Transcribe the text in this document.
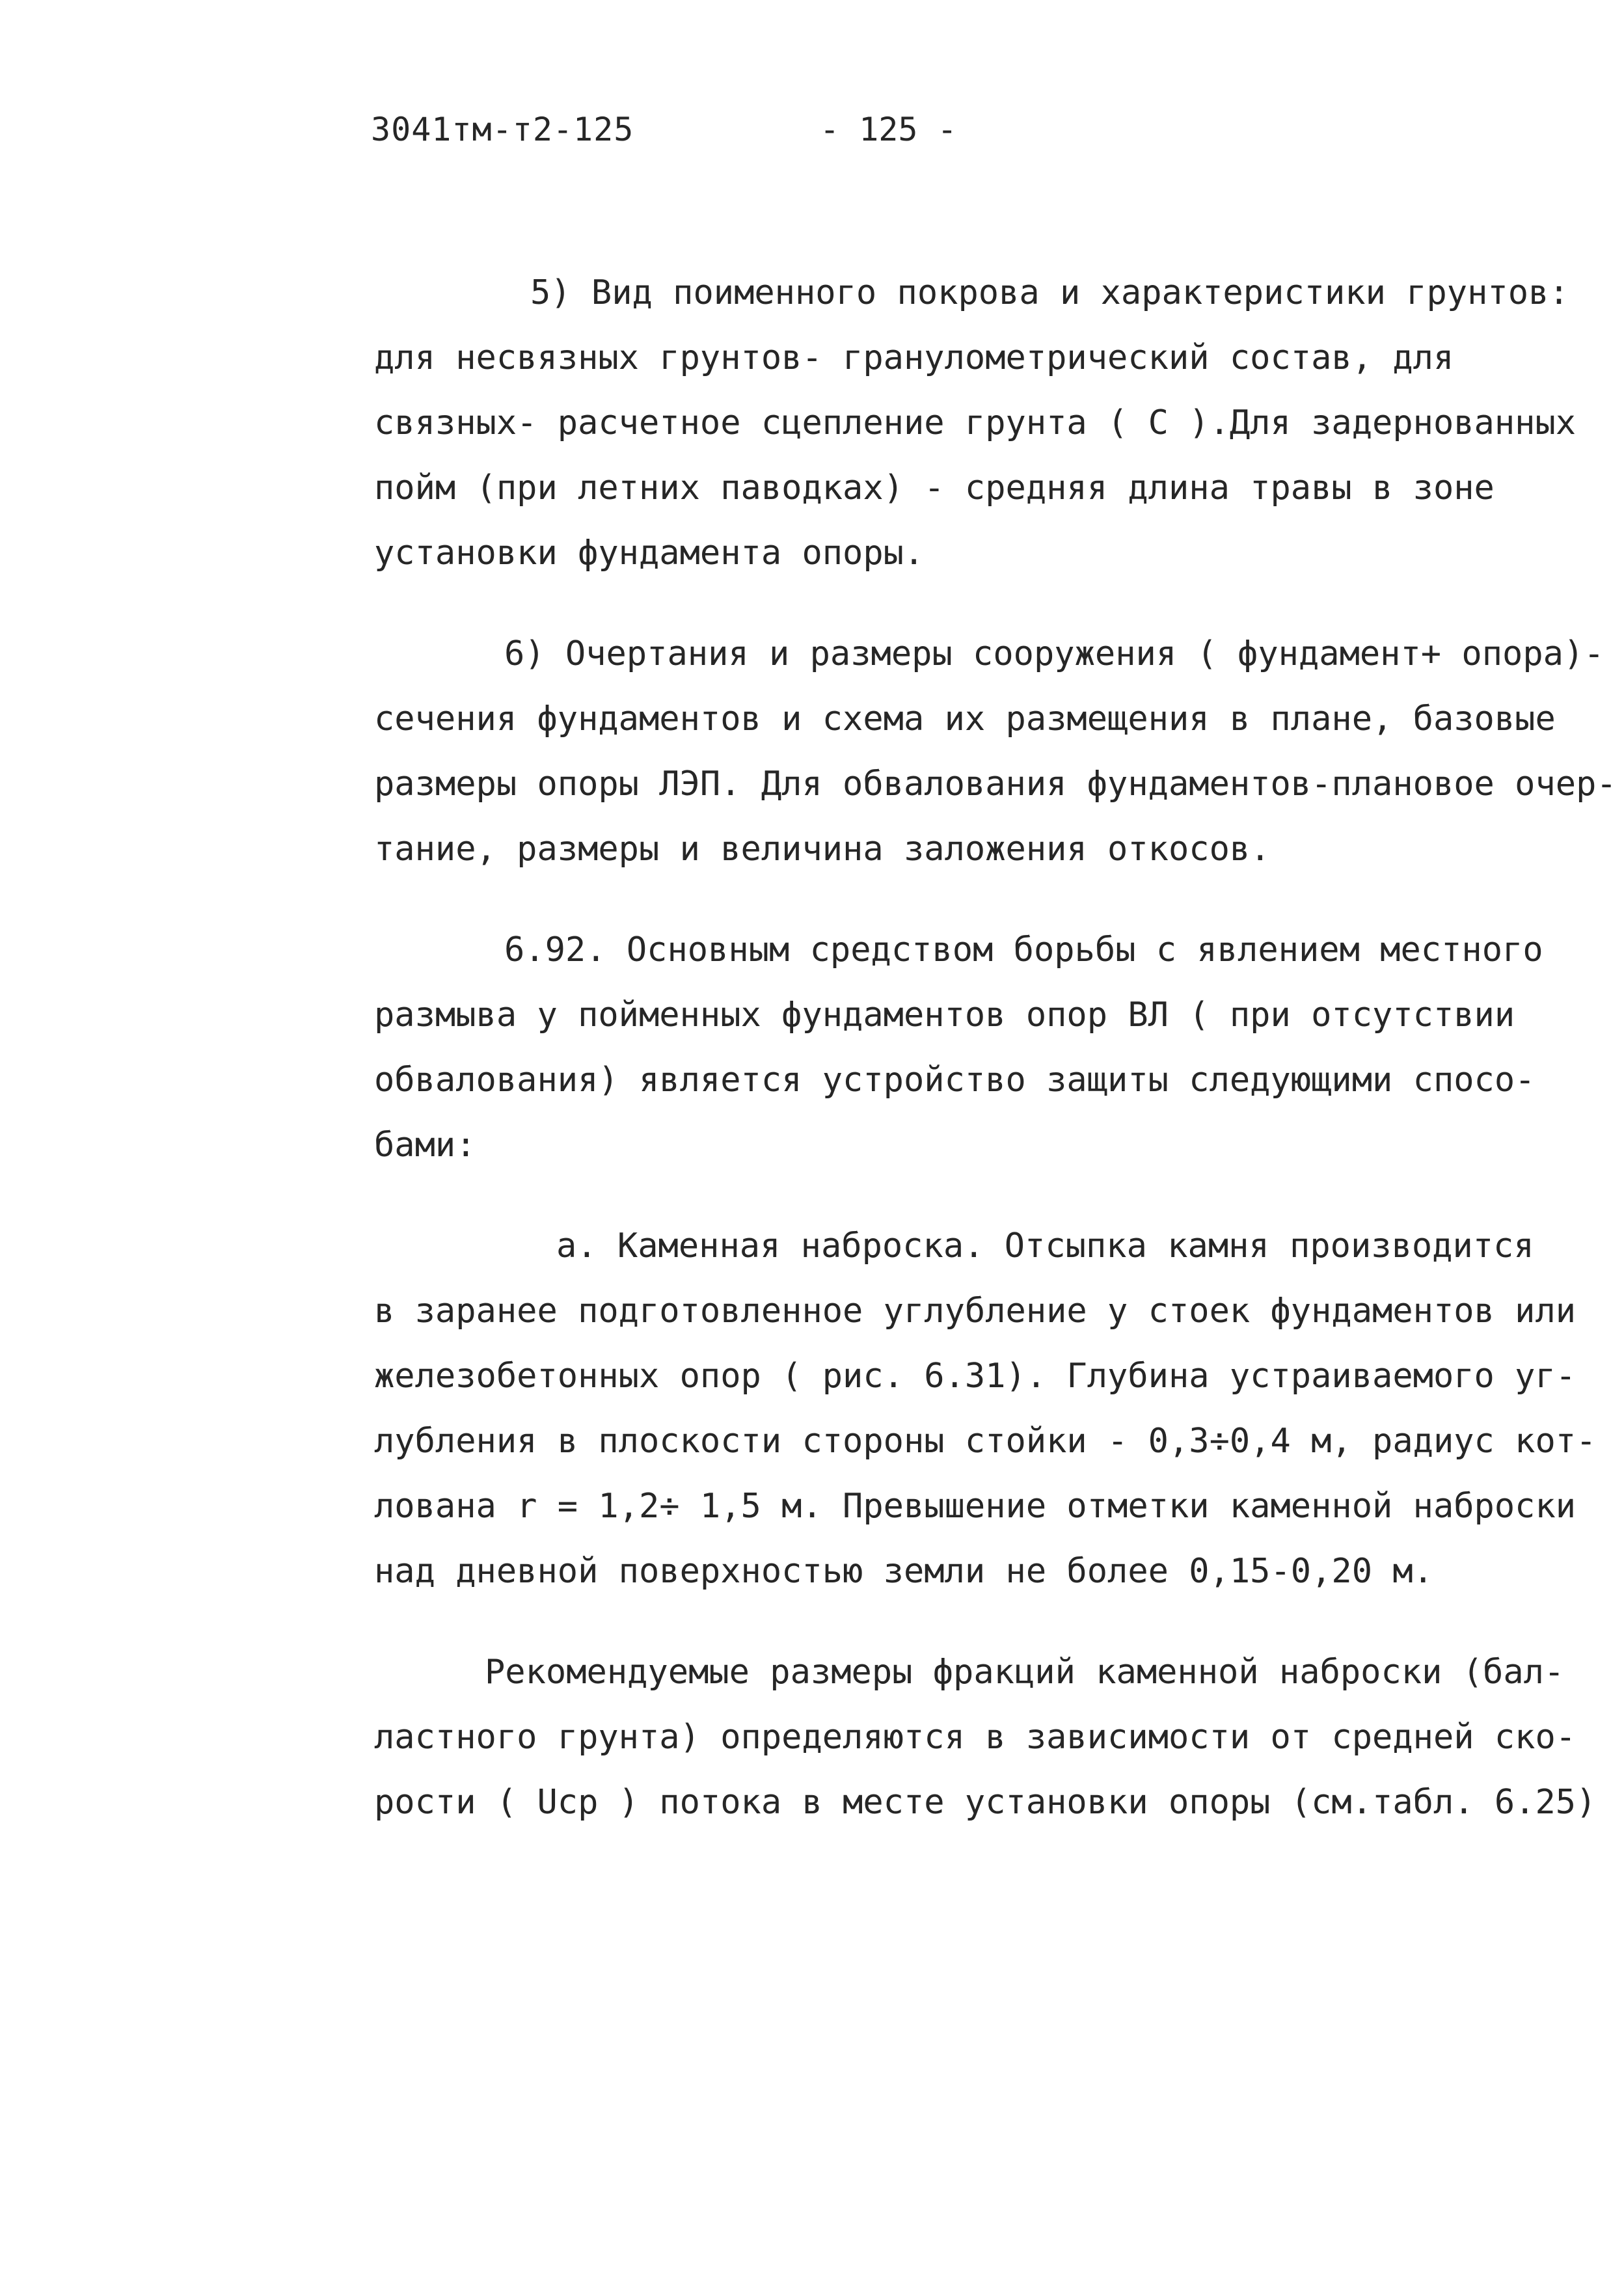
3041тм-т2-125	- 125 -
5) Вид поименного покрова и характеристики грунтов:
для несвязных грунтов- гранулометрический состав, для
связных- расчетное сцепление грунта ( С ).Для задернованных
пойм (при летних паводках) - средняя длина травы в зоне
установки фундамента опоры.
6) Очертания и размеры сооружения ( фундамент+ опора)-
сечения фундаментов и схема их размещения в плане, базовые
размеры опоры ЛЭП. Для обвалования фундаментов-плановое очер-
тание, размеры и величина заложения откосов.
6.92. Основным средством борьбы с явлением местного
размыва у пойменных фундаментов опор ВЛ ( при отсутствии
обвалования) является устройство защиты следующими спосо-
бами:
а. Каменная наброска. Отсыпка камня производится
в заранее подготовленное углубление у стоек фундаментов или
железобетонных опор ( рис. 6.31). Глубина устраиваемого уг-
лубления в плоскости стороны стойки - 0,3÷0,4 м, радиус кот-
лована r = 1,2÷ 1,5 м. Превышение отметки каменной наброски
над дневной поверхностью земли не более 0,15-0,20 м.
Рекомендуемые размеры фракций каменной наброски (бал-
ластного грунта) определяются в зависимости от средней ско-
рости ( Uср ) потока в месте установки опоры (см.табл. 6.25)
